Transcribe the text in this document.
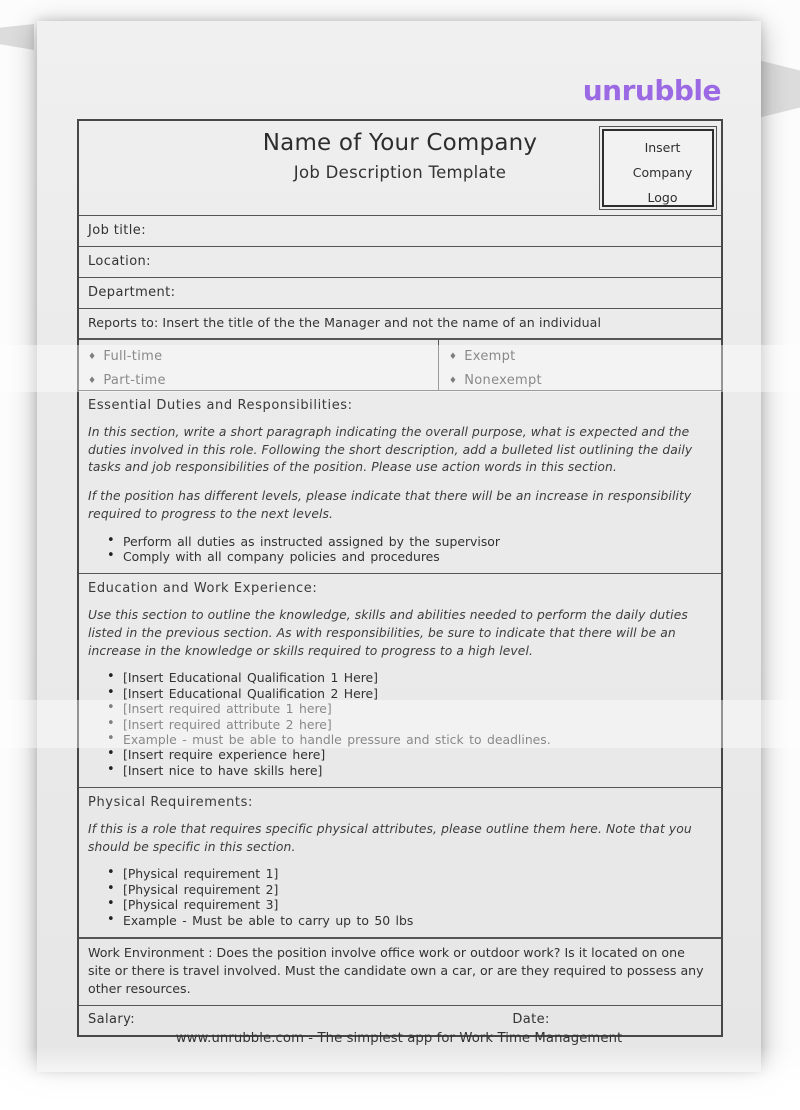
unrubble
Name of Your Company
Job Description Template
Insert
Company
Logo
Job title:
Location:
Department:
Reports to: Insert the title of the the Manager and not the name of an individual
♦ Full-time
♦ Part-time
♦ Exempt
♦ Nonexempt
Essential Duties and Responsibilities:

In this section, write a short paragraph indicating the overall purpose, what is expected and the duties involved in this role. Following the short description, add a bulleted list outlining the daily tasks and job responsibilities of the position. Please use action words in this section.

If the position has different levels, please indicate that there will be an increase in responsibility required to progress to the next levels.

• Perform all duties as instructed assigned by the supervisor
• Comply with all company policies and procedures
Education and Work Experience:

Use this section to outline the knowledge, skills and abilities needed to perform the daily duties listed in the previous section. As with responsibilities, be sure to indicate that there will be an increase in the knowledge or skills required to progress to a high level.

• [Insert Educational Qualification 1 Here]
• [Insert Educational Qualification 2 Here]
• [Insert required attribute 1 here]
• [Insert required attribute 2 here]
• Example - must be able to handle pressure and stick to deadlines.
• [Insert require experience here]
• [Insert nice to have skills here]
Physical Requirements:

If this is a role that requires specific physical attributes, please outline them here. Note that you should be specific in this section.

• [Physical requirement 1]
• [Physical requirement 2]
• [Physical requirement 3]
• Example - Must be able to carry up to 50 lbs
Work Environment : Does the position involve office work or outdoor work? Is it located on one site or there is travel involved. Must the candidate own a car, or are they required to possess any other resources.
Salary:	Date:
www.unrubble.com - The simplest app for Work Time Management
